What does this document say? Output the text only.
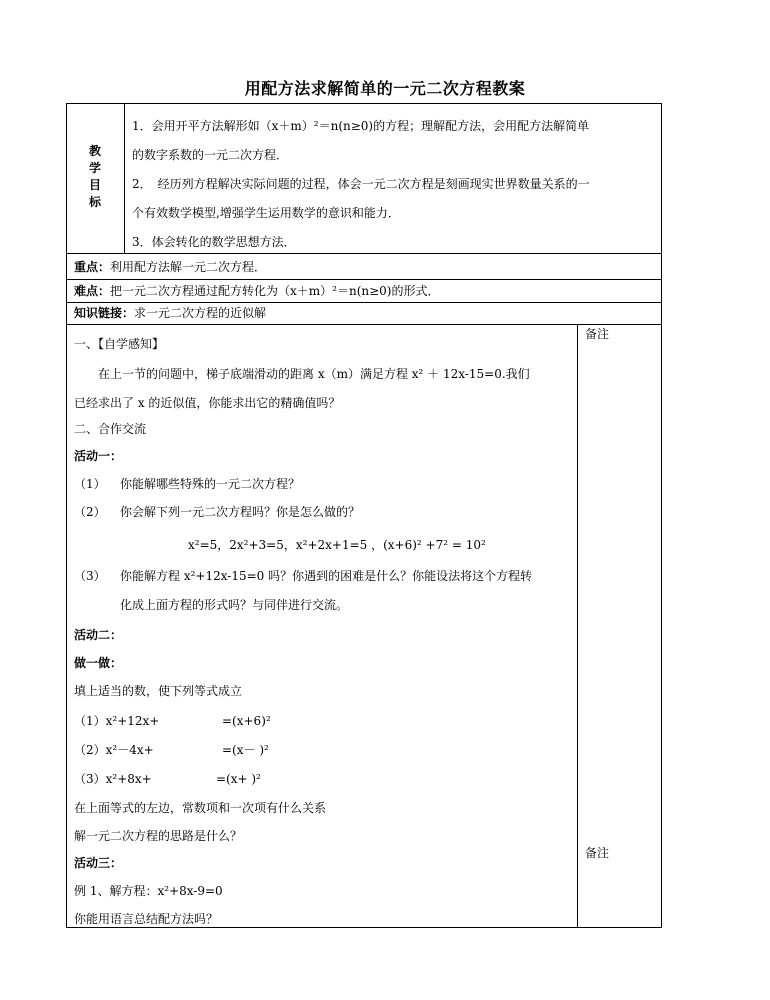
用配方法求解简单的一元二次方程教案
教
学
目
标
1．会用开平方法解形如（x＋m）²＝n(n≥0)的方程；理解配方法，会用配方法解简单
的数字系数的一元二次方程．
2．　经历列方程解决实际问题的过程，体会一元二次方程是刻画现实世界数量关系的一
个有效数学模型,增强学生运用数学的意识和能力．
3．体会转化的数学思想方法．
重点：利用配方法解一元二次方程．
难点：把一元二次方程通过配方转化为（x＋m）²＝n(n≥0)的形式．
知识链接：求一元二次方程的近似解
备注
备注
一、【自学感知】
在上一节的问题中，梯子底端滑动的距离 x（m）满足方程 x² ＋ 12x-15=0.我们
已经求出了 x 的近似值，你能求出它的精确值吗？
二、合作交流
活动一：
（1） 你能解哪些特殊的一元二次方程？
（2） 你会解下列一元二次方程吗？你是怎么做的？
x²=5，2x²+3=5，x²+2x+1=5 ，(x+6)² +7² = 10²
（3） 你能解方程 x²+12x-15=0 吗？你遇到的困难是什么？你能设法将这个方程转
化成上面方程的形式吗？与同伴进行交流。
活动二：
做一做：
填上适当的数，使下列等式成立
（1）x²+12x+	=(x+6)²
（2）x²－4x+	=(x－ )²
（3）x²+8x+	=(x+ )²
在上面等式的左边，常数项和一次项有什么关系
解一元二次方程的思路是什么？
活动三：
例 1、解方程：x²+8x-9=0
你能用语言总结配方法吗？
